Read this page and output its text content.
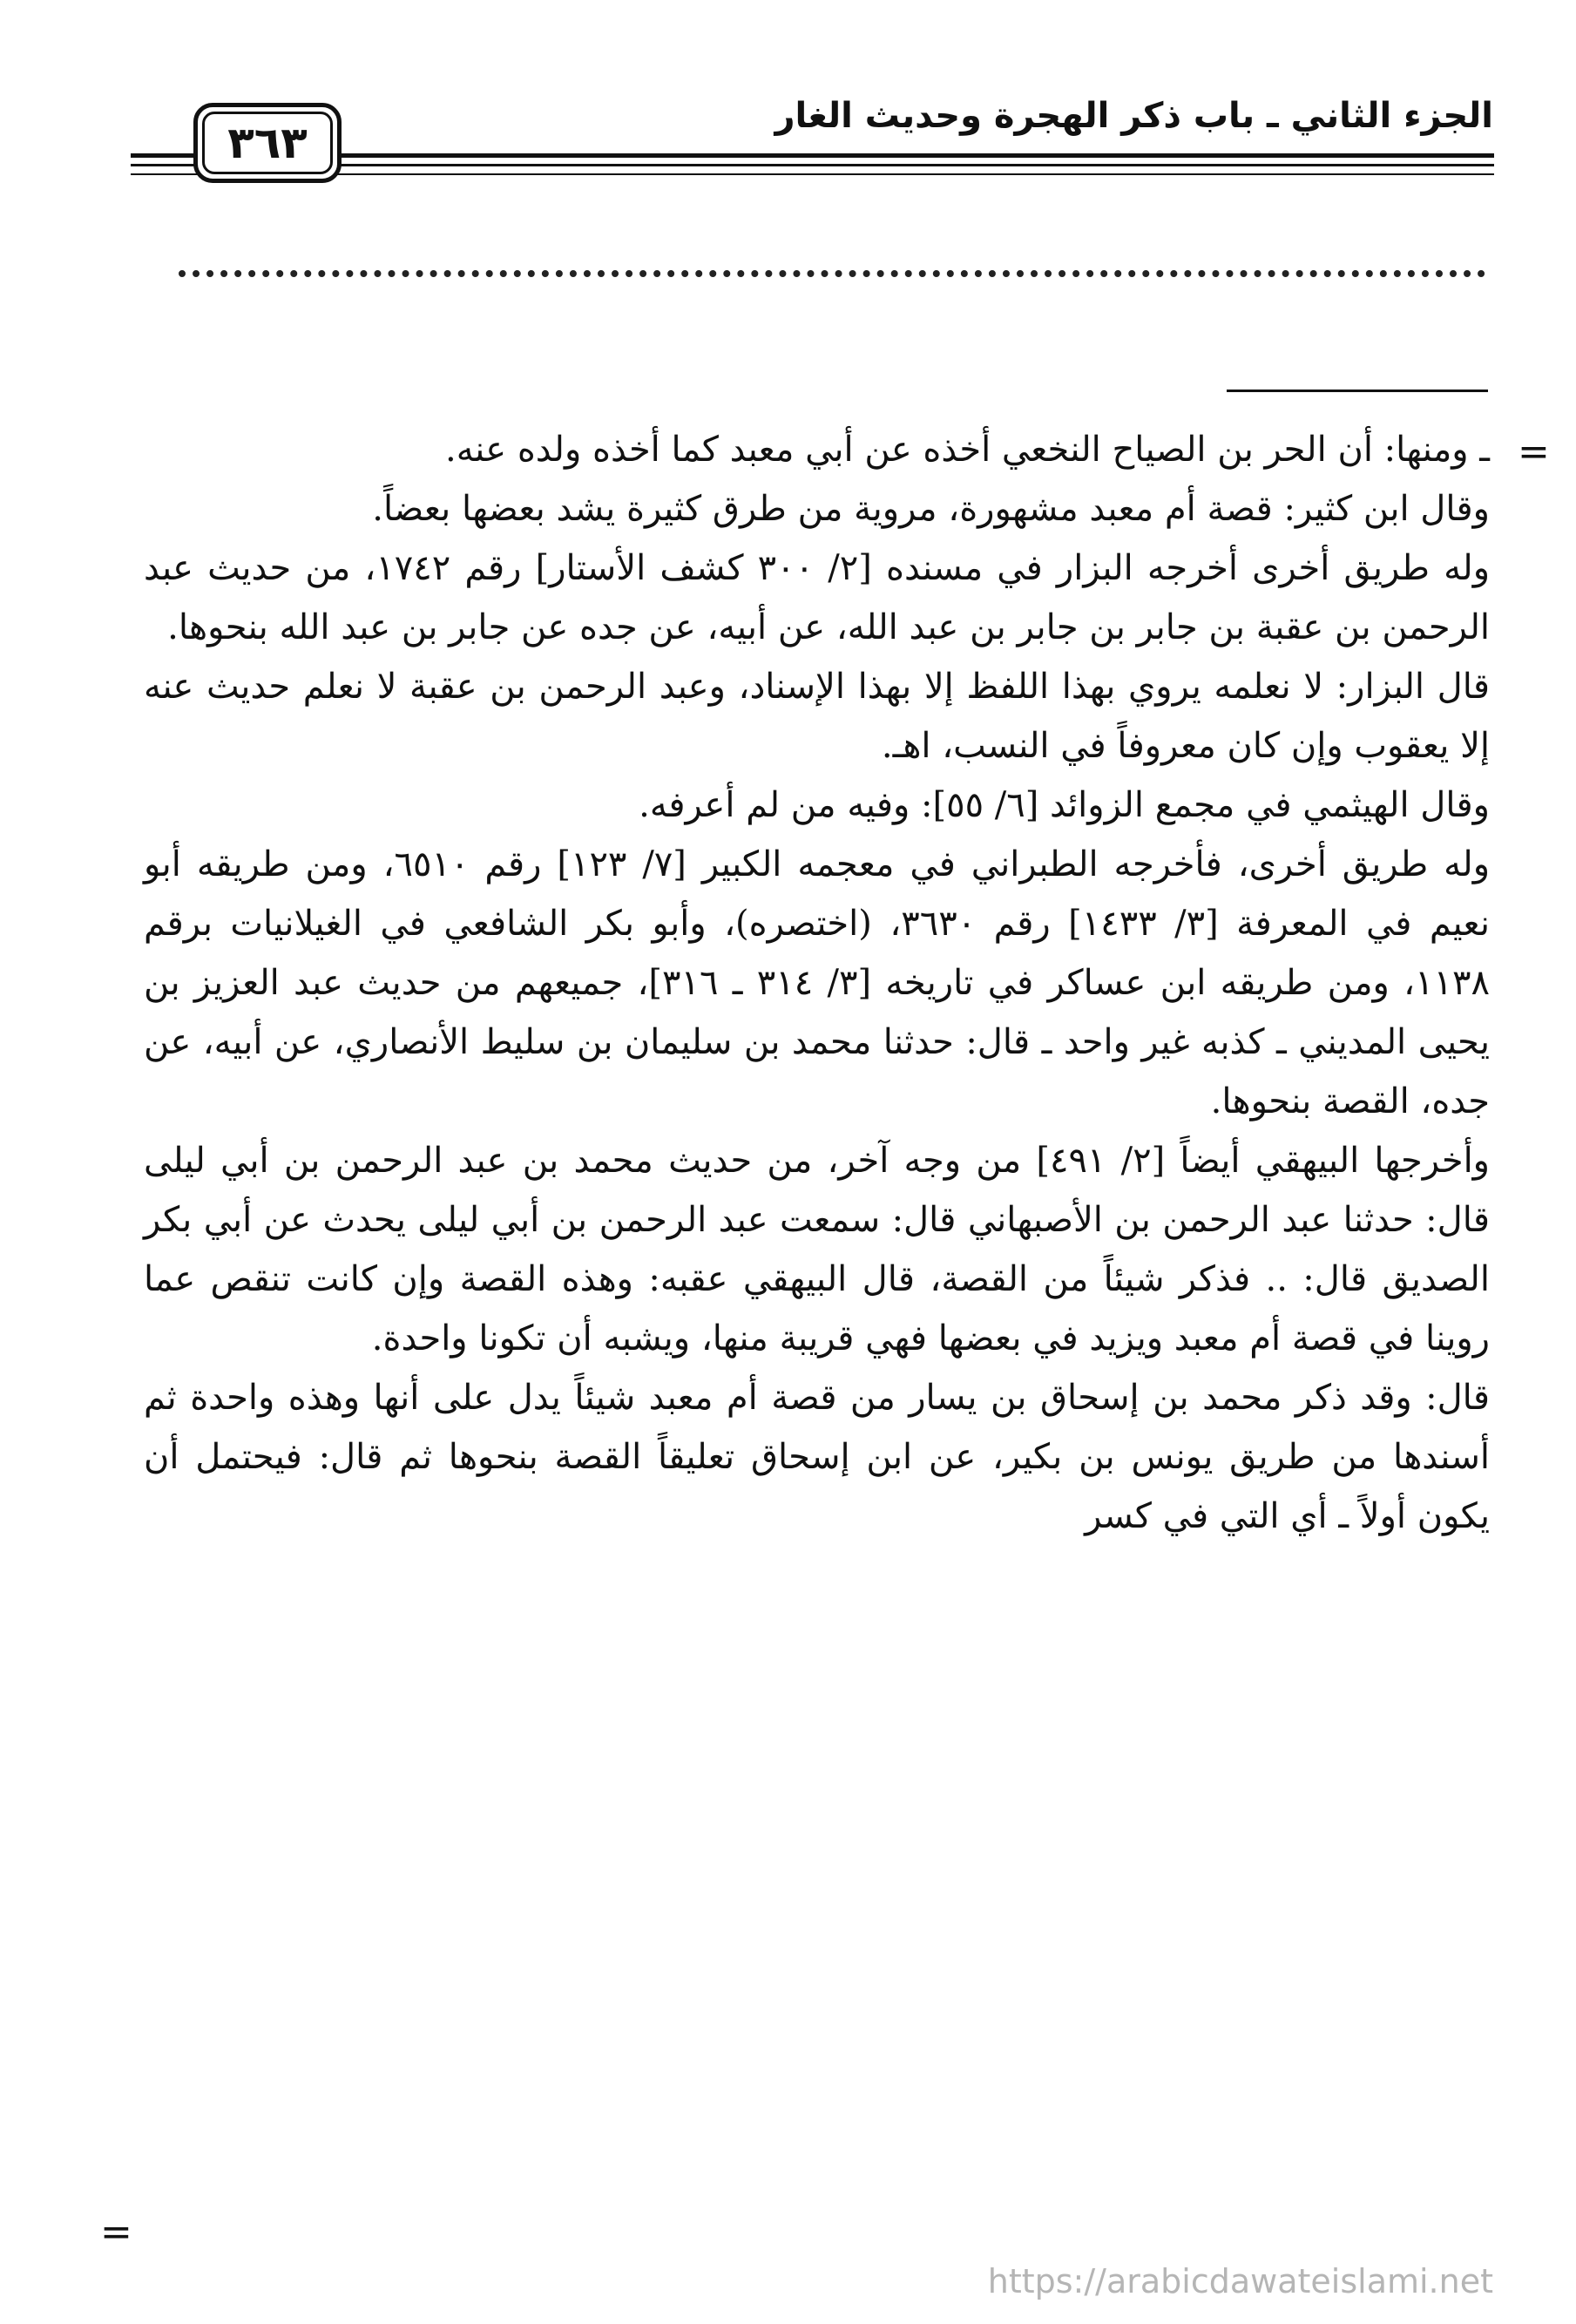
الجزء الثاني ـ باب ذكر الهجرة وحديث الغار
٣٦٣
=

ـ ومنها: أن الحر بن الصياح النخعي أخذه عن أبي معبد كما أخذه ولده عنه.

وقال ابن كثير: قصة أم معبد مشهورة، مروية من طرق كثيرة يشد بعضها بعضاً.

وله طريق أخرى أخرجه البزار في مسنده [٢/ ٣٠٠ كشف الأستار] رقم ١٧٤٢، من حديث عبد الرحمن بن عقبة بن جابر بن جابر بن عبد الله، عن أبيه، عن جده عن جابر بن عبد الله بنحوها.

قال البزار: لا نعلمه يروي بهذا اللفظ إلا بهذا الإسناد، وعبد الرحمن بن عقبة لا نعلم حديث عنه إلا يعقوب وإن كان معروفاً في النسب، اهـ.

وقال الهيثمي في مجمع الزوائد [٦/ ٥٥]: وفيه من لم أعرفه.

وله طريق أخرى، فأخرجه الطبراني في معجمه الكبير [٧/ ١٢٣] رقم ٦٥١٠، ومن طريقه أبو نعيم في المعرفة [٣/ ١٤٣٣] رقم ٣٦٣٠، (اختصره)، وأبو بكر الشافعي في الغيلانيات برقم ١١٣٨، ومن طريقه ابن عساكر في تاريخه [٣/ ٣١٤ ـ ٣١٦]، جميعهم من حديث عبد العزيز بن يحيى المديني ـ كذبه غير واحد ـ قال: حدثنا محمد بن سليمان بن سليط الأنصاري، عن أبيه، عن جده، القصة بنحوها.

وأخرجها البيهقي أيضاً [٢/ ٤٩١] من وجه آخر، من حديث محمد بن عبد الرحمن بن أبي ليلى قال: حدثنا عبد الرحمن بن الأصبهاني قال: سمعت عبد الرحمن بن أبي ليلى يحدث عن أبي بكر الصديق قال: .. فذكر شيئاً من القصة، قال البيهقي عقبه: وهذه القصة وإن كانت تنقص عما روينا في قصة أم معبد ويزيد في بعضها فهي قريبة منها، ويشبه أن تكونا واحدة.

قال: وقد ذكر محمد بن إسحاق بن يسار من قصة أم معبد شيئاً يدل على أنها وهذه واحدة ثم أسندها من طريق يونس بن بكير، عن ابن إسحاق تعليقاً القصة بنحوها ثم قال: فيحتمل أن يكون أولاً ـ أي التي في كسر

=
https://arabicdawateislami.net
